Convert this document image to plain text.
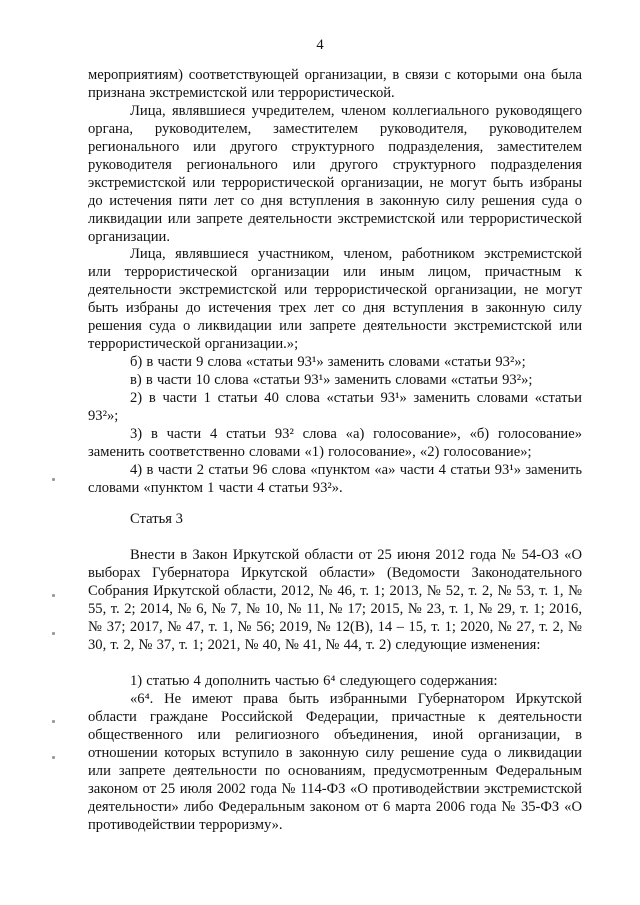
4
мероприятиям) соответствующей организации, в связи с которыми она была признана экстремистской или террористической.
Лица, являвшиеся учредителем, членом коллегиального руководящего органа, руководителем, заместителем руководителя, руководителем регионального или другого структурного подразделения, заместителем руководителя регионального или другого структурного подразделения экстремистской или террористической организации, не могут быть избраны до истечения пяти лет со дня вступления в законную силу решения суда о ликвидации или запрете деятельности экстремистской или террористической организации.
Лица, являвшиеся участником, членом, работником экстремистской или террористической организации или иным лицом, причастным к деятельности экстремистской или террористической организации, не могут быть избраны до истечения трех лет со дня вступления в законную силу решения суда о ликвидации или запрете деятельности экстремистской или террористической организации.»;
б) в части 9 слова «статьи 93¹» заменить словами «статьи 93²»;
в) в части 10 слова «статьи 93¹» заменить словами «статьи 93²»;
2) в части 1 статьи 40 слова «статьи 93¹» заменить словами «статьи 93²»;
3) в части 4 статьи 93² слова «а) голосование», «б) голосование» заменить соответственно словами «1) голосование», «2) голосование»;
4) в части 2 статьи 96 слова «пунктом «а» части 4 статьи 93¹» заменить словами «пунктом 1 части 4 статьи 93²».
Статья 3
Внести в Закон Иркутской области от 25 июня 2012 года № 54-ОЗ «О выборах Губернатора Иркутской области» (Ведомости Законодательного Собрания Иркутской области, 2012, № 46, т. 1; 2013, № 52, т. 2, № 53, т. 1, № 55, т. 2; 2014, № 6, № 7, № 10, № 11, № 17; 2015, № 23, т. 1, № 29, т. 1; 2016, № 37; 2017, № 47, т. 1, № 56; 2019, № 12(В), 14 – 15, т. 1; 2020, № 27, т. 2, № 30, т. 2, № 37, т. 1; 2021, № 40, № 41, № 44, т. 2) следующие изменения:
1) статью 4 дополнить частью 6⁴ следующего содержания:
«6⁴. Не имеют права быть избранными Губернатором Иркутской области граждане Российской Федерации, причастные к деятельности общественного или религиозного объединения, иной организации, в отношении которых вступило в законную силу решение суда о ликвидации или запрете деятельности по основаниям, предусмотренным Федеральным законом от 25 июля 2002 года № 114-ФЗ «О противодействии экстремистской деятельности» либо Федеральным законом от 6 марта 2006 года № 35-ФЗ «О противодействии терроризму».
